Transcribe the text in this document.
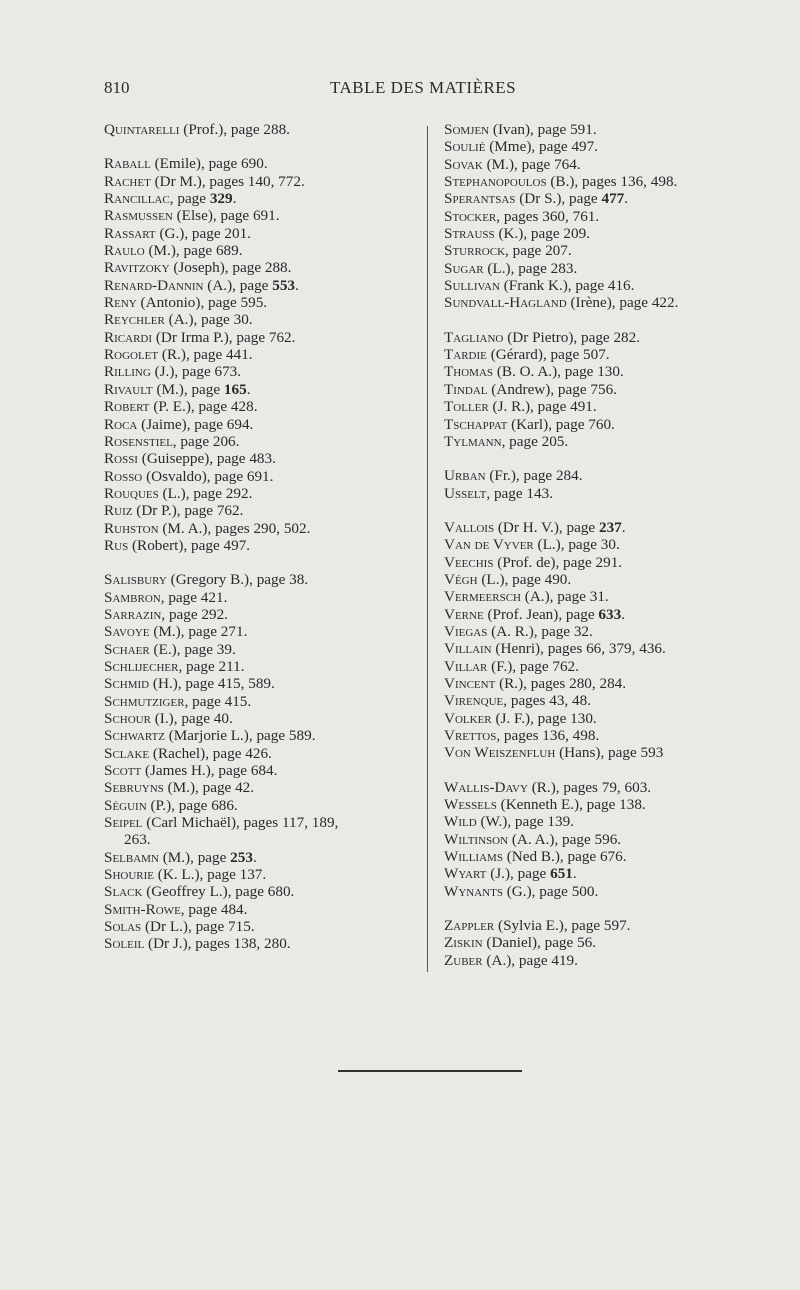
810	TABLE DES MATIÈRES
Quintarelli (Prof.), page 288.
Raball (Emile), page 690.
Rachet (Dr M.), pages 140, 772.
Rancillac, page 329.
Rasmussen (Else), page 691.
Rassart (G.), page 201.
Raulo (M.), page 689.
Ravitzoky (Joseph), page 288.
Renard-Dannin (A.), page 553.
Reny (Antonio), page 595.
Reychler (A.), page 30.
Ricardi (Dr Irma P.), page 762.
Rogolet (R.), page 441.
Rilling (J.), page 673.
Rivault (M.), page 165.
Robert (P. E.), page 428.
Roca (Jaime), page 694.
Rosenstiel, page 206.
Rossi (Guiseppe), page 483.
Rosso (Osvaldo), page 691.
Rouques (L.), page 292.
Ruiz (Dr P.), page 762.
Ruhston (M. A.), pages 290, 502.
Rus (Robert), page 497.
Salisbury (Gregory B.), page 38.
Sambron, page 421.
Sarrazin, page 292.
Savoye (M.), page 271.
Schaer (E.), page 39.
Schlijecher, page 211.
Schmid (H.), page 415, 589.
Schmutziger, page 415.
Schour (I.), page 40.
Schwartz (Marjorie L.), page 589.
Sclake (Rachel), page 426.
Scott (James H.), page 684.
Sebruyns (M.), page 42.
Séguin (P.), page 686.
Seipel (Carl Michaël), pages 117, 189,
263.
Selbamn (M.), page 253.
Shourie (K. L.), page 137.
Slack (Geoffrey L.), page 680.
Smith-Rowe, page 484.
Solas (Dr L.), page 715.
Soleil (Dr J.), pages 138, 280.
Somjen (Ivan), page 591.
Soulié (Mme), page 497.
Sovak (M.), page 764.
Stephanopoulos (B.), pages 136, 498.
Sperantsas (Dr S.), page 477.
Stocker, pages 360, 761.
Strauss (K.), page 209.
Sturrock, page 207.
Sugar (L.), page 283.
Sullivan (Frank K.), page 416.
Sundvall-Hagland (Irène), page 422.
Tagliano (Dr Pietro), page 282.
Tardie (Gérard), page 507.
Thomas (B. O. A.), page 130.
Tindal (Andrew), page 756.
Toller (J. R.), page 491.
Tschappat (Karl), page 760.
Tylmann, page 205.
Urban (Fr.), page 284.
Usselt, page 143.
Vallois (Dr H. V.), page 237.
Van de Vyver (L.), page 30.
Veechis (Prof. de), page 291.
Végh (L.), page 490.
Vermeersch (A.), page 31.
Verne (Prof. Jean), page 633.
Viegas (A. R.), page 32.
Villain (Henri), pages 66, 379, 436.
Villar (F.), page 762.
Vincent (R.), pages 280, 284.
Virenque, pages 43, 48.
Volker (J. F.), page 130.
Vrettos, pages 136, 498.
Von Weiszenfluh (Hans), page 593
Wallis-Davy (R.), pages 79, 603.
Wessels (Kenneth E.), page 138.
Wild (W.), page 139.
Wiltinson (A. A.), page 596.
Williams (Ned B.), page 676.
Wyart (J.), page 651.
Wynants (G.), page 500.
Zappler (Sylvia E.), page 597.
Ziskin (Daniel), page 56.
Zuber (A.), page 419.
